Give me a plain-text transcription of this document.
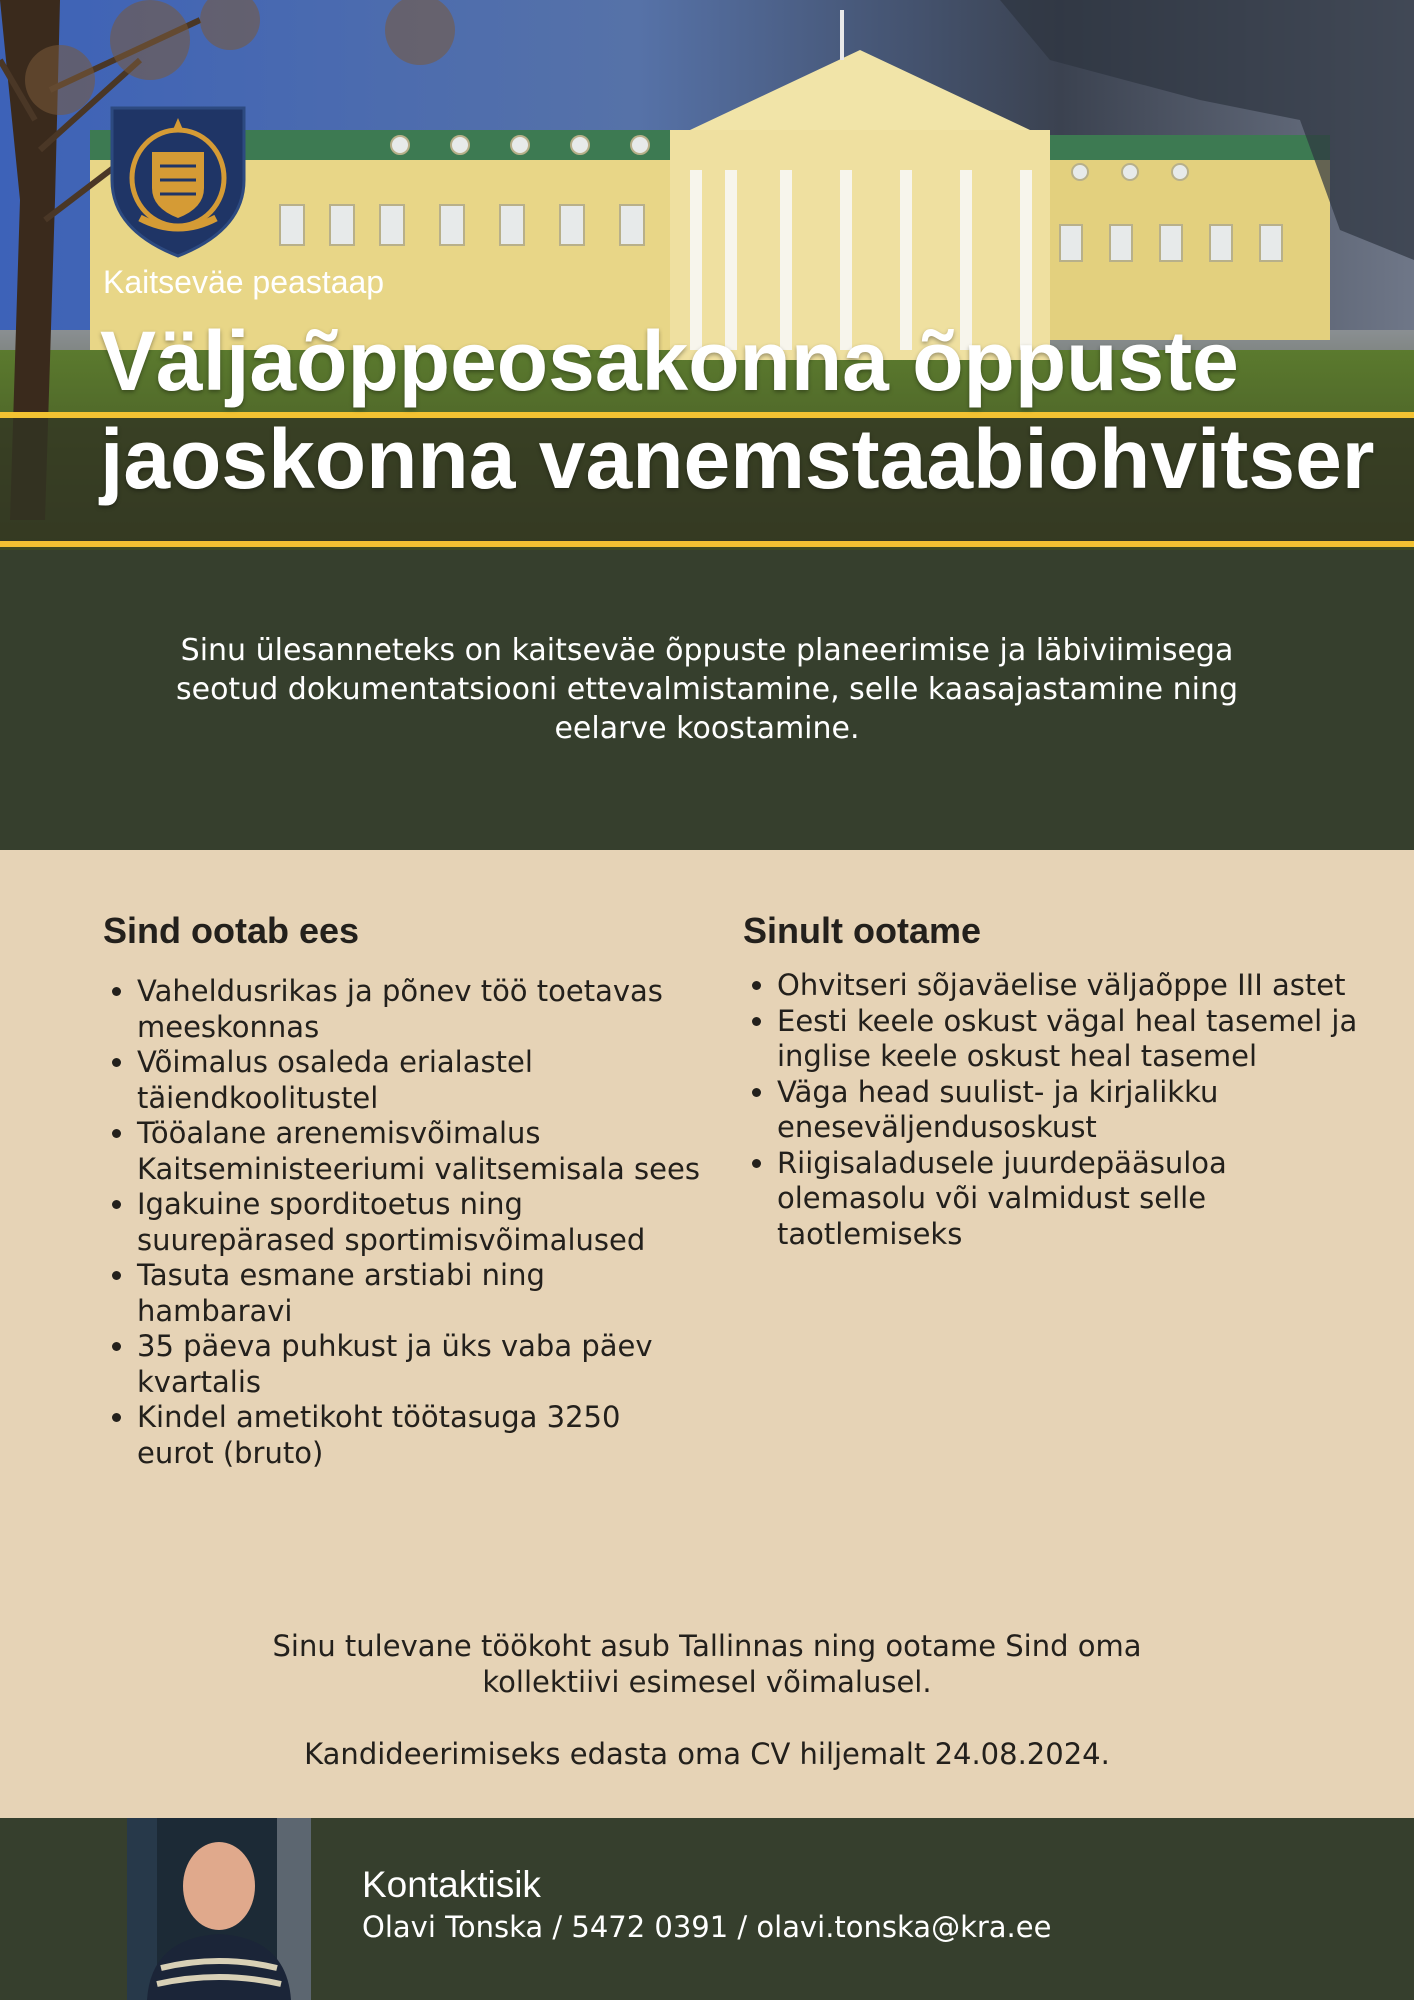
Kaitseväe peastaap
Väljaõppeosakonna õppuste jaoskonna vanemstaabiohvitser

Sinu ülesanneteks on kaitseväe õppuste planeerimise ja läbiviimisega seotud dokumentatsiooni ettevalmistamine, selle kaasajastamine ning eelarve koostamine.

Sind ootab ees
• Vaheldusrikas ja põnev töö toetavas meeskonnas
• Võimalus osaleda erialastel täiendkoolitustel
• Tööalane arenemisvõimalus Kaitseministeeriumi valitsemisala sees
• Igakuine sporditoetus ning suurepärased sportimisvõimalused
• Tasuta esmane arstiabi ning hambaravi
• 35 päeva puhkust ja üks vaba päev kvartalis
• Kindel ametikoht töötasuga 3250 eurot (bruto)
Sinult ootame
• Ohvitseri sõjaväelise väljaõppe III astet
• Eesti keele oskust vägal heal tasemel ja inglise keele oskust heal tasemel
• Väga head suulist- ja kirjalikku eneseväljendusoskust
• Riigisaladusele juurdepääsuloa olemasolu või valmidust selle taotlemiseks

Sinu tulevane töökoht asub Tallinnas ning ootame Sind oma kollektiivi esimesel võimalusel.

Kandideerimiseks edasta oma CV hiljemalt 24.08.2024.

Kontaktisik
Olavi Tonska / 5472 0391 / olavi.tonska@kra.ee
